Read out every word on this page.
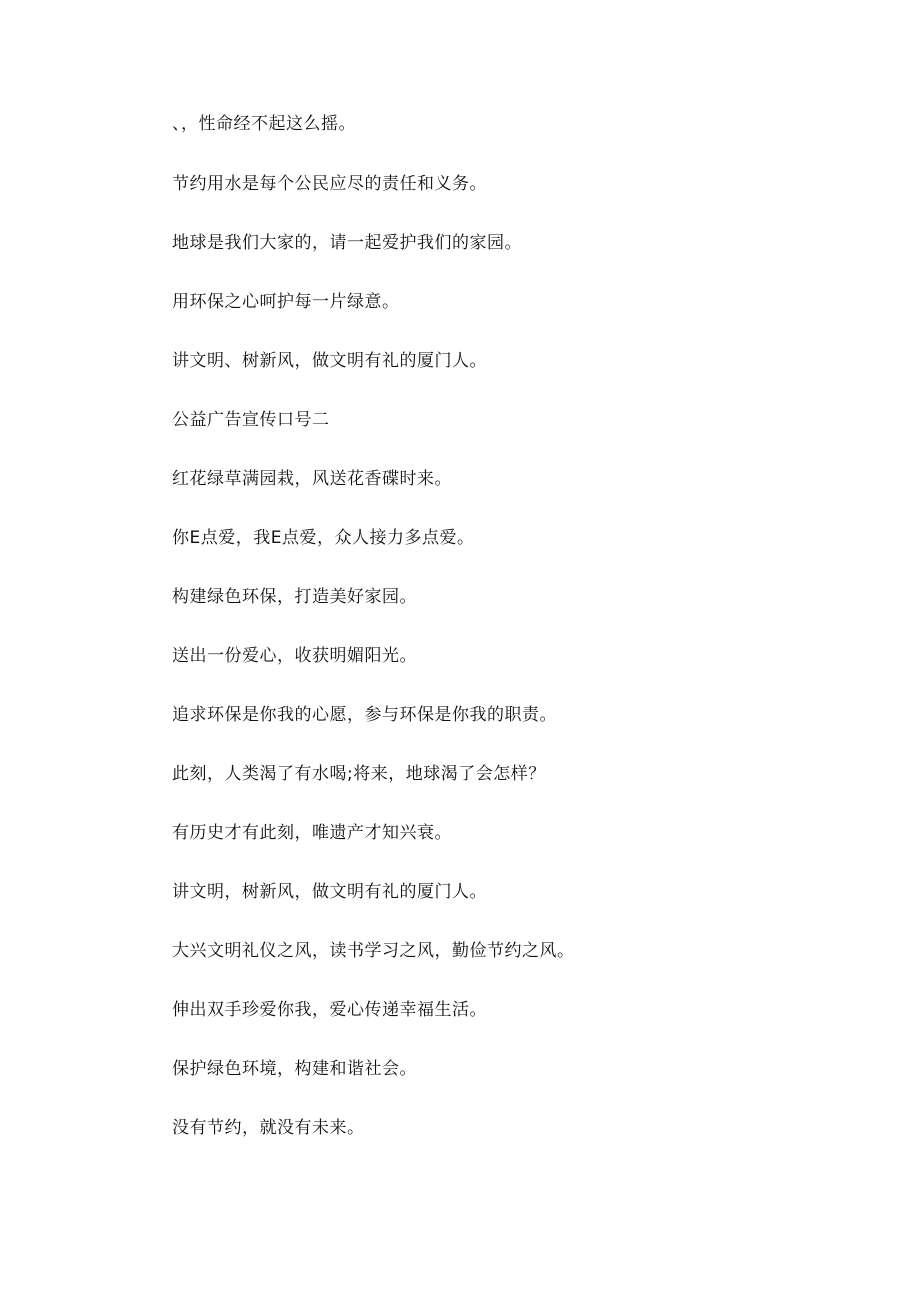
、，性命经不起这么摇。
节约用水是每个公民应尽的责任和义务。
地球是我们大家的，请一起爱护我们的家园。
用环保之心呵护每一片绿意。
讲文明、树新风，做文明有礼的厦门人。
公益广告宣传口号二
红花绿草满园栽，风送花香碟时来。
你E点爱，我E点爱，众人接力多点爱。
构建绿色环保，打造美好家园。
送出一份爱心，收获明媚阳光。
追求环保是你我的心愿，参与环保是你我的职责。
此刻，人类渴了有水喝;将来，地球渴了会怎样？
有历史才有此刻，唯遗产才知兴衰。
讲文明，树新风，做文明有礼的厦门人。
大兴文明礼仪之风，读书学习之风，勤俭节约之风。
伸出双手珍爱你我，爱心传递幸福生活。
保护绿色环境，构建和谐社会。
没有节约，就没有未来。
